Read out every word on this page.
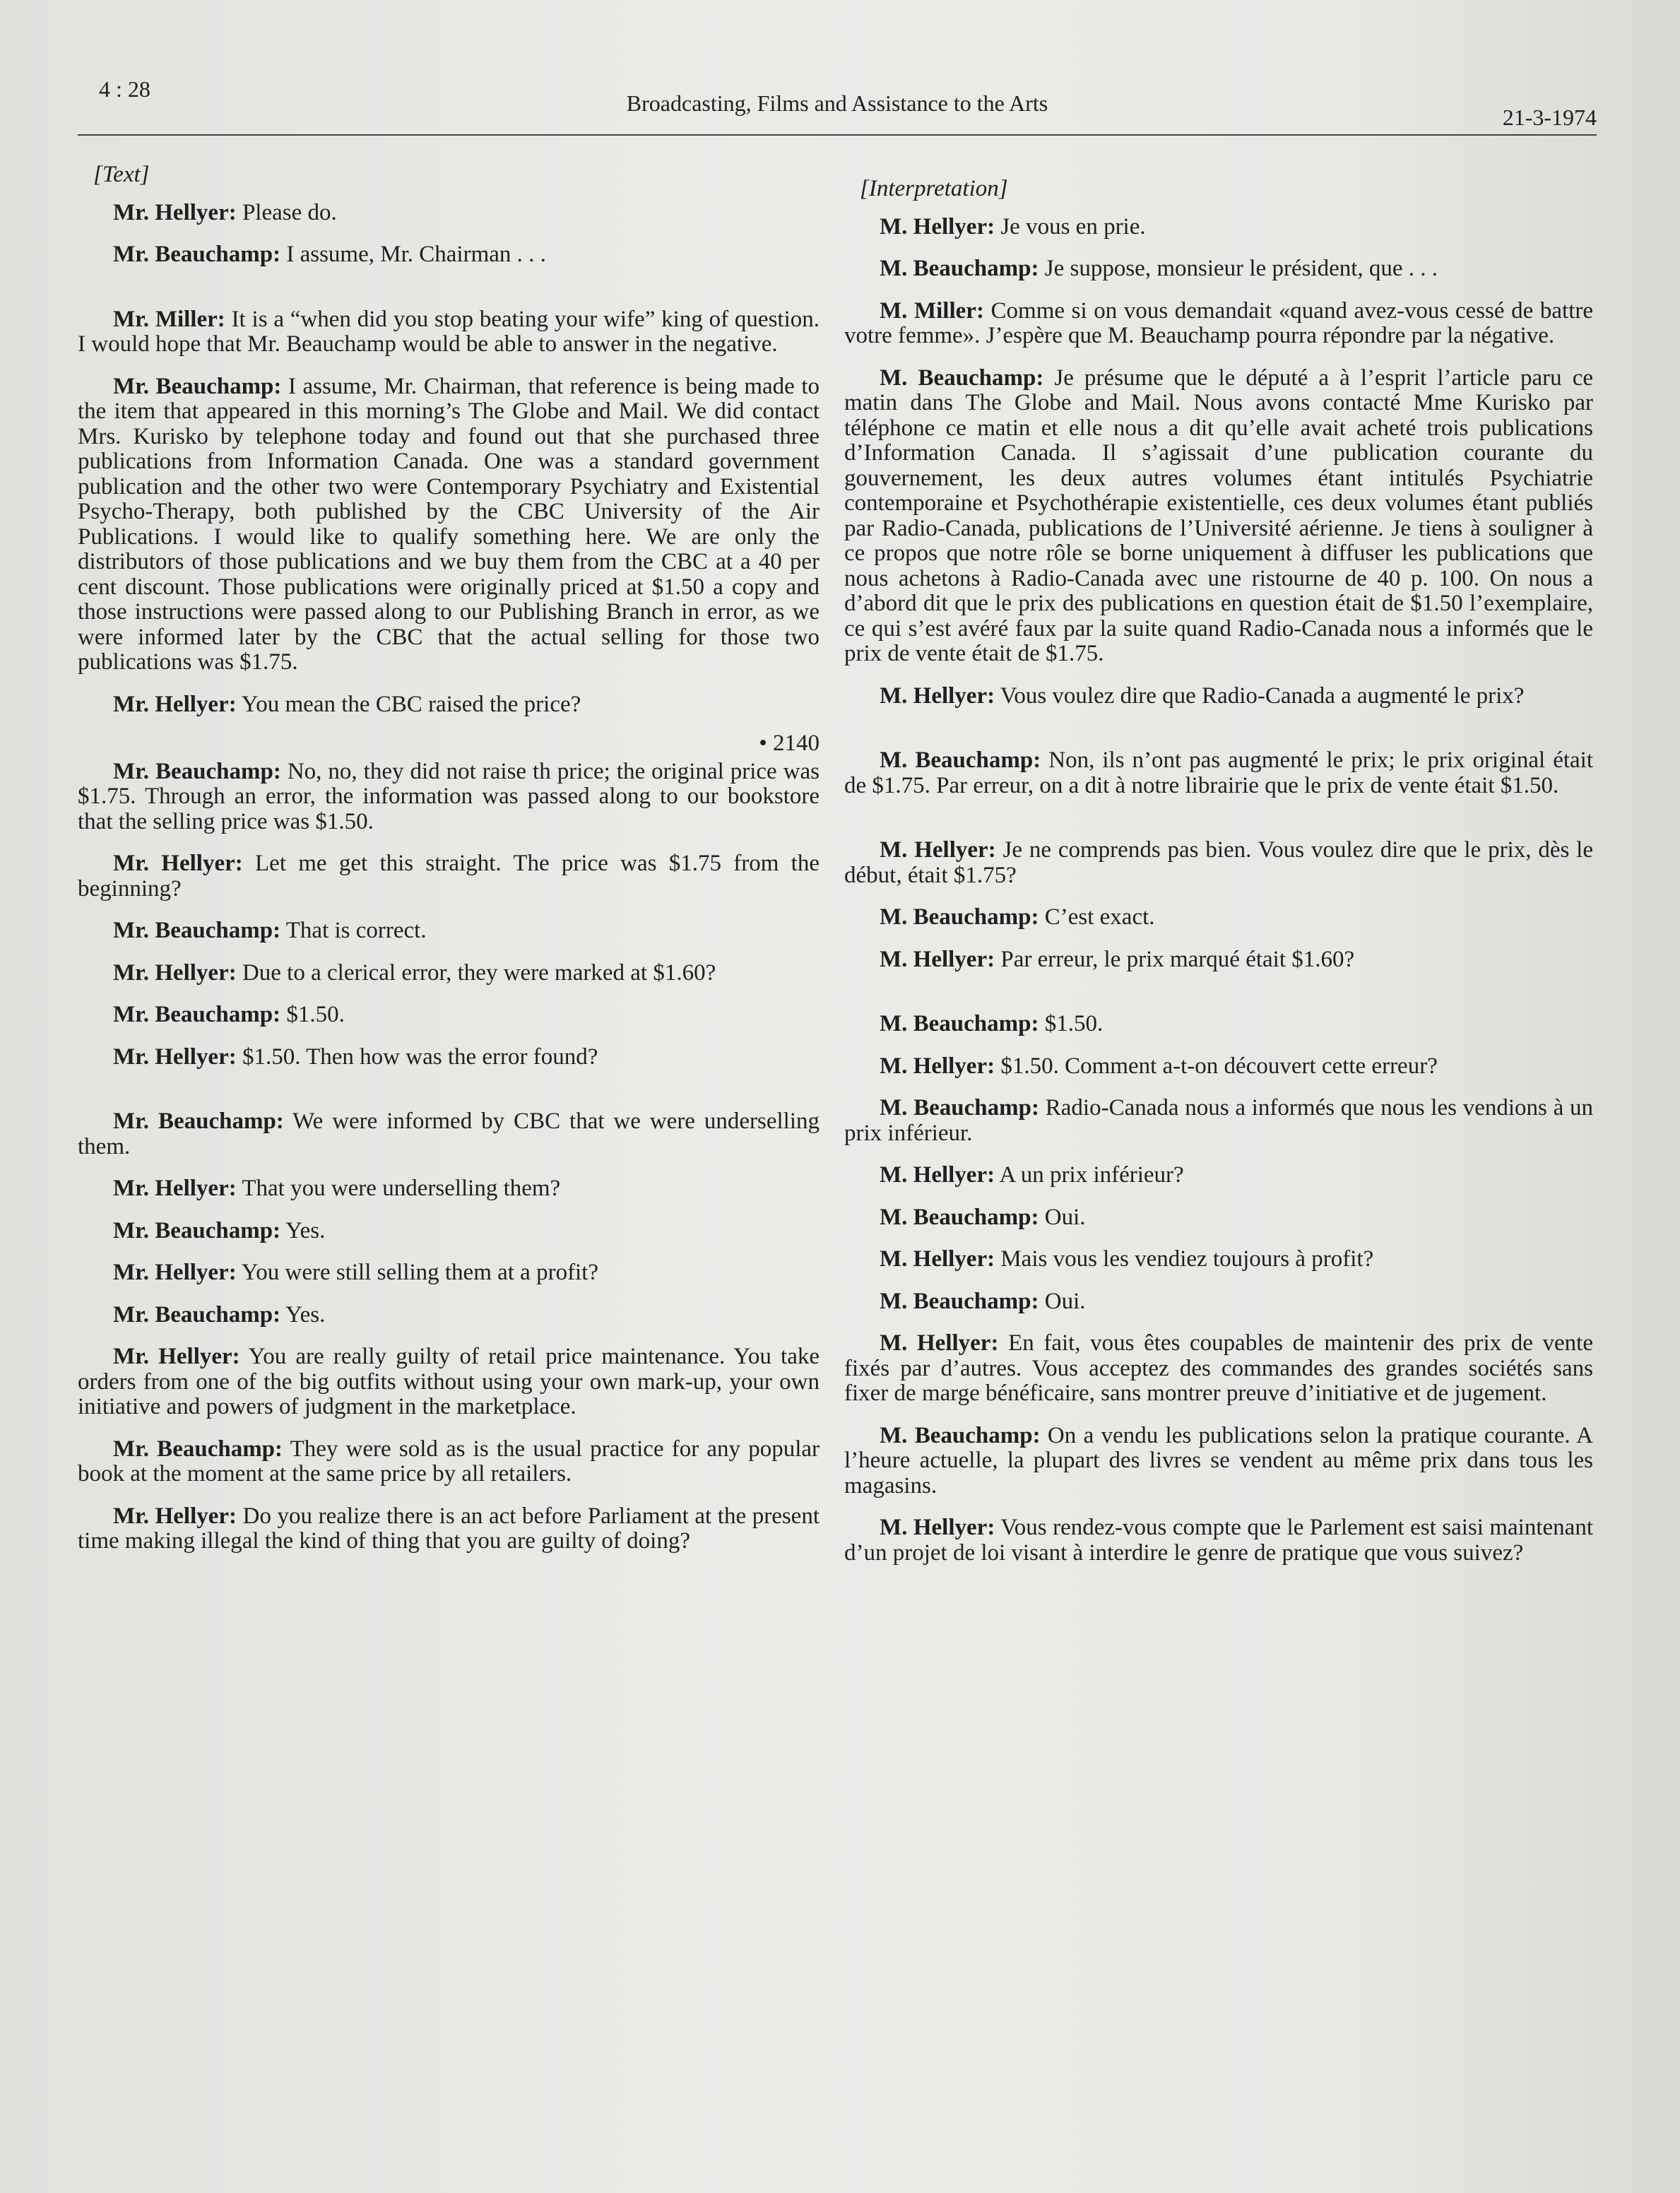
4 : 28
Broadcasting, Films and Assistance to the Arts
21-3-1974
[Text]

Mr. Hellyer: Please do.

Mr. Beauchamp: I assume, Mr. Chairman . . .

Mr. Miller: It is a “when did you stop beating your wife” king of question. I would hope that Mr. Beauchamp would be able to answer in the negative.

Mr. Beauchamp: I assume, Mr. Chairman, that reference is being made to the item that appeared in this morning’s The Globe and Mail. We did contact Mrs. Kurisko by telephone today and found out that she purchased three publications from Information Canada. One was a standard government publication and the other two were Contemporary Psychiatry and Existential Psycho-Therapy, both published by the CBC University of the Air Publications. I would like to qualify something here. We are only the distributors of those publications and we buy them from the CBC at a 40 per cent discount. Those publications were originally priced at $1.50 a copy and those instructions were passed along to our Publishing Branch in error, as we were informed later by the CBC that the actual selling for those two publications was $1.75.

Mr. Hellyer: You mean the CBC raised the price?

• 2140

Mr. Beauchamp: No, no, they did not raise th price; the original price was $1.75. Through an error, the information was passed along to our bookstore that the selling price was $1.50.

Mr. Hellyer: Let me get this straight. The price was $1.75 from the beginning?

Mr. Beauchamp: That is correct.

Mr. Hellyer: Due to a clerical error, they were marked at $1.60?

Mr. Beauchamp: $1.50.

Mr. Hellyer: $1.50. Then how was the error found?

Mr. Beauchamp: We were informed by CBC that we were underselling them.

Mr. Hellyer: That you were underselling them?

Mr. Beauchamp: Yes.

Mr. Hellyer: You were still selling them at a profit?

Mr. Beauchamp: Yes.

Mr. Hellyer: You are really guilty of retail price maintenance. You take orders from one of the big outfits without using your own mark-up, your own initiative and powers of judgment in the marketplace.

Mr. Beauchamp: They were sold as is the usual practice for any popular book at the moment at the same price by all retailers.

Mr. Hellyer: Do you realize there is an act before Parliament at the present time making illegal the kind of thing that you are guilty of doing?

[Interpretation]

M. Hellyer: Je vous en prie.

M. Beauchamp: Je suppose, monsieur le président, que . . .

M. Miller: Comme si on vous demandait «quand avez-vous cessé de battre votre femme». J’espère que M. Beauchamp pourra répondre par la négative.

M. Beauchamp: Je présume que le député a à l’esprit l’article paru ce matin dans The Globe and Mail. Nous avons contacté Mme Kurisko par téléphone ce matin et elle nous a dit qu’elle avait acheté trois publications d’Information Canada. Il s’agissait d’une publication courante du gouvernement, les deux autres volumes étant intitulés Psychiatrie contemporaine et Psychothérapie existentielle, ces deux volumes étant publiés par Radio-Canada, publications de l’Université aérienne. Je tiens à souligner à ce propos que notre rôle se borne uniquement à diffuser les publications que nous achetons à Radio-Canada avec une ristourne de 40 p. 100. On nous a d’abord dit que le prix des publications en question était de $1.50 l’exemplaire, ce qui s’est avéré faux par la suite quand Radio-Canada nous a informés que le prix de vente était de $1.75.

M. Hellyer: Vous voulez dire que Radio-Canada a augmenté le prix?

M. Beauchamp: Non, ils n’ont pas augmenté le prix; le prix original était de $1.75. Par erreur, on a dit à notre librairie que le prix de vente était $1.50.

M. Hellyer: Je ne comprends pas bien. Vous voulez dire que le prix, dès le début, était $1.75?

M. Beauchamp: C’est exact.

M. Hellyer: Par erreur, le prix marqué était $1.60?

M. Beauchamp: $1.50.

M. Hellyer: $1.50. Comment a-t-on découvert cette erreur?

M. Beauchamp: Radio-Canada nous a informés que nous les vendions à un prix inférieur.

M. Hellyer: A un prix inférieur?

M. Beauchamp: Oui.

M. Hellyer: Mais vous les vendiez toujours à profit?

M. Beauchamp: Oui.

M. Hellyer: En fait, vous êtes coupables de maintenir des prix de vente fixés par d’autres. Vous acceptez des commandes des grandes sociétés sans fixer de marge bénéficaire, sans montrer preuve d’initiative et de jugement.

M. Beauchamp: On a vendu les publications selon la pratique courante. A l’heure actuelle, la plupart des livres se vendent au même prix dans tous les magasins.

M. Hellyer: Vous rendez-vous compte que le Parlement est saisi maintenant d’un projet de loi visant à interdire le genre de pratique que vous suivez?
